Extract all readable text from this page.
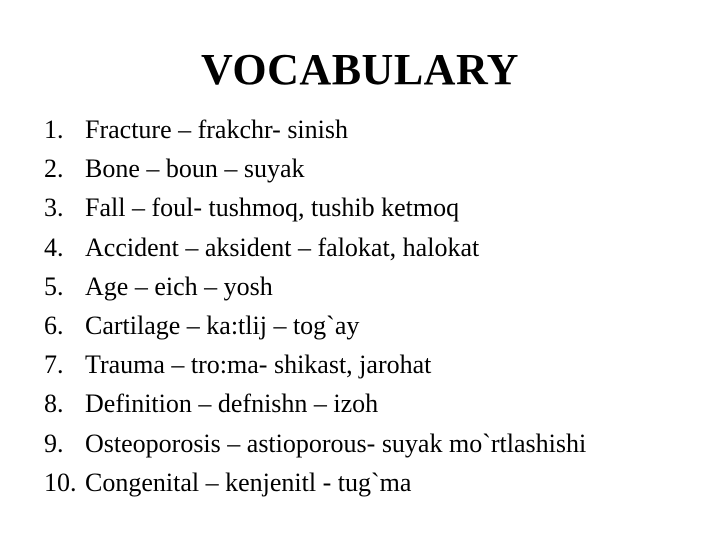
VOCABULARY
1. Fracture – frakchr- sinish
2. Bone – boun – suyak
3. Fall – foul- tushmoq, tushib ketmoq
4. Accident – aksident – falokat, halokat
5. Age – eich – yosh
6. Cartilage – ka:tlij – tog`ay
7. Trauma – tro:ma- shikast, jarohat
8. Definition – defnishn – izoh
9. Osteoporosis – astioporous- suyak mo`rtlashishi
10. Congenital – kenjenitl - tug`ma
